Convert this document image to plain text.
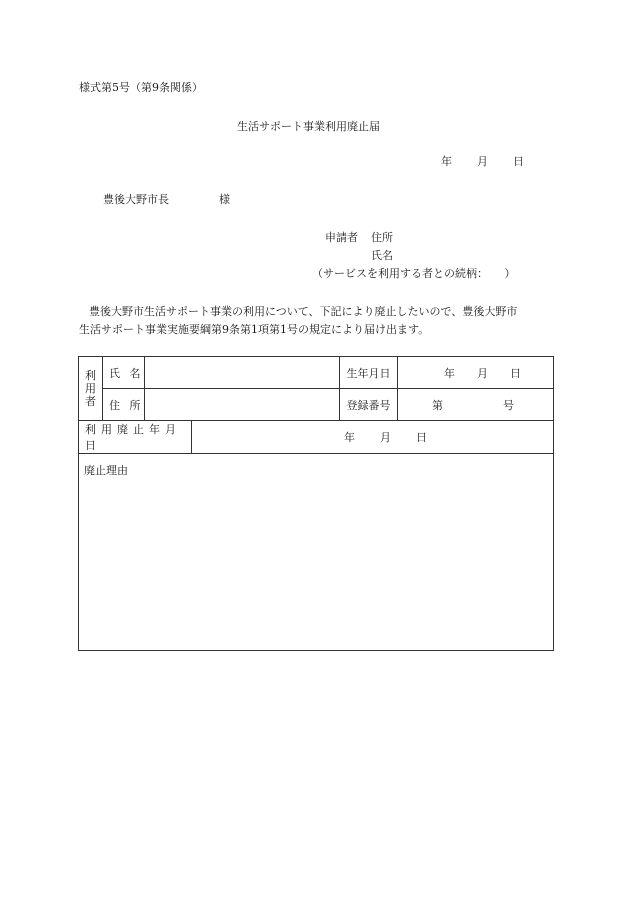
様式第5号（第9条関係）
生活サポート事業利用廃止届
年 月 日
豊後大野市長	様
申請者 住所
氏名
（サービスを利用する者との続柄：　　）
豊後大野市生活サポート事業の利用について、下記により廃止したいので、豊後大野市
生活サポート事業実施要綱第9条第1項第1号の規定により届け出ます。
利
用
者	氏 名			生年月日	年 月 日
	住 所			登録番号	第 号
利用廃止年月日			年 月 日		
廃止理由					
